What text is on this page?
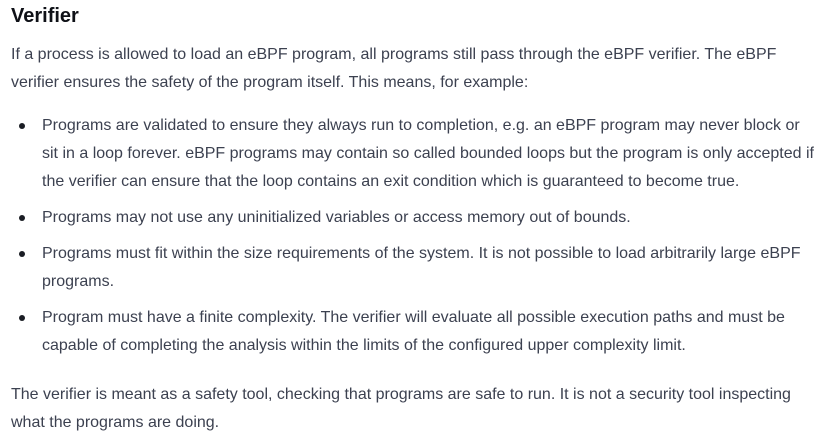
Verifier

If a process is allowed to load an eBPF program, all programs still pass through the eBPF verifier. The eBPF verifier ensures the safety of the program itself. This means, for example:

Programs are validated to ensure they always run to completion, e.g. an eBPF program may never block or sit in a loop forever. eBPF programs may contain so called bounded loops but the program is only accepted if the verifier can ensure that the loop contains an exit condition which is guaranteed to become true.
Programs may not use any uninitialized variables or access memory out of bounds.
Programs must fit within the size requirements of the system. It is not possible to load arbitrarily large eBPF programs.
Program must have a finite complexity. The verifier will evaluate all possible execution paths and must be capable of completing the analysis within the limits of the configured upper complexity limit.

The verifier is meant as a safety tool, checking that programs are safe to run. It is not a security tool inspecting what the programs are doing.
